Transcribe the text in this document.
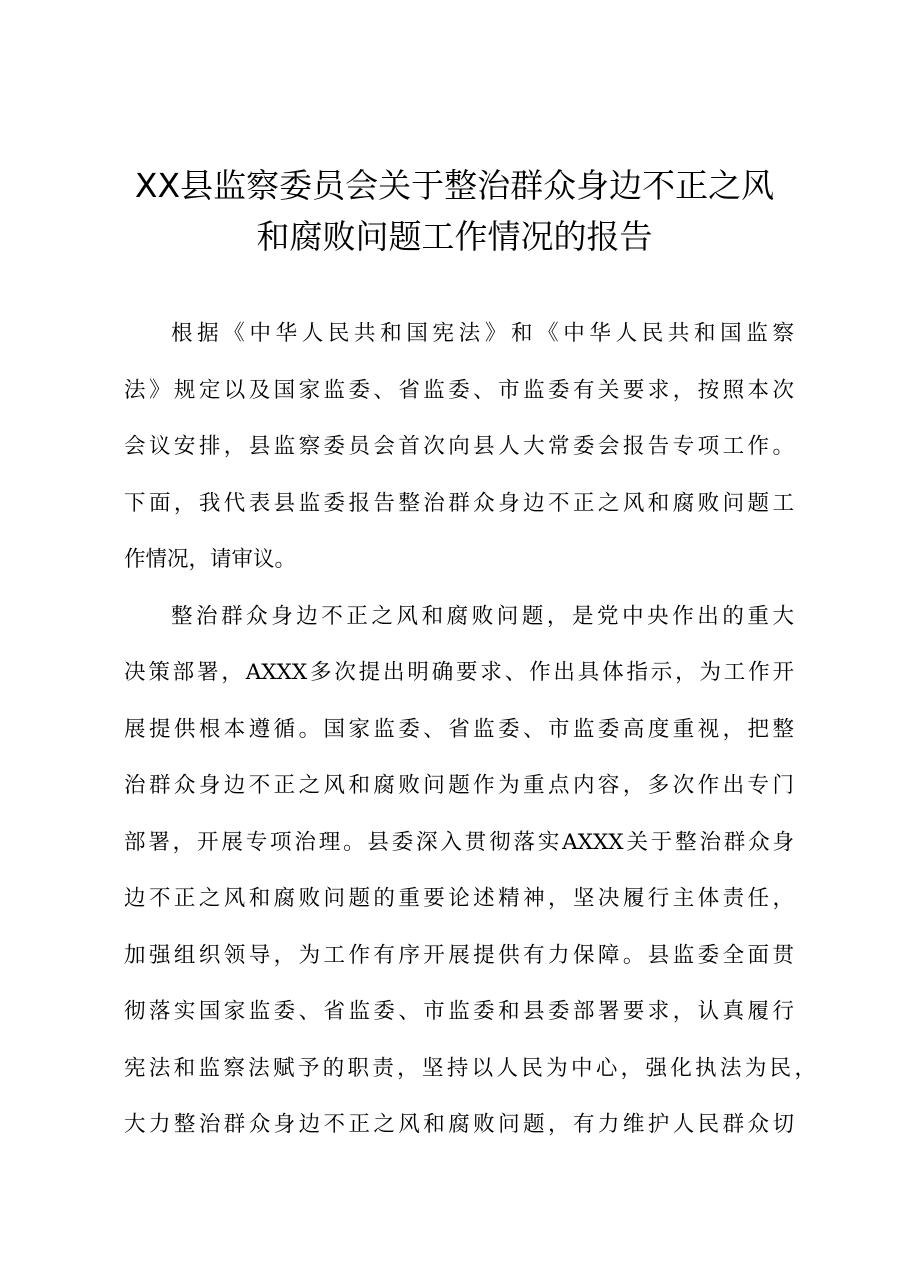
XX县监察委员会关于整治群众身边不正之风
和腐败问题工作情况的报告
根据《中华人民共和国宪法》和《中华人民共和国监察
法》规定以及国家监委、省监委、市监委有关要求，按照本次
会议安排，县监察委员会首次向县人大常委会报告专项工作。
下面，我代表县监委报告整治群众身边不正之风和腐败问题工
作情况，请审议。
整治群众身边不正之风和腐败问题，是党中央作出的重大
决策部署，AXXX多次提出明确要求、作出具体指示，为工作开
展提供根本遵循。国家监委、省监委、市监委高度重视，把整
治群众身边不正之风和腐败问题作为重点内容，多次作出专门
部署，开展专项治理。县委深入贯彻落实AXXX关于整治群众身
边不正之风和腐败问题的重要论述精神，坚决履行主体责任，
加强组织领导，为工作有序开展提供有力保障。县监委全面贯
彻落实国家监委、省监委、市监委和县委部署要求，认真履行
宪法和监察法赋予的职责，坚持以人民为中心，强化执法为民，
大力整治群众身边不正之风和腐败问题，有力维护人民群众切
